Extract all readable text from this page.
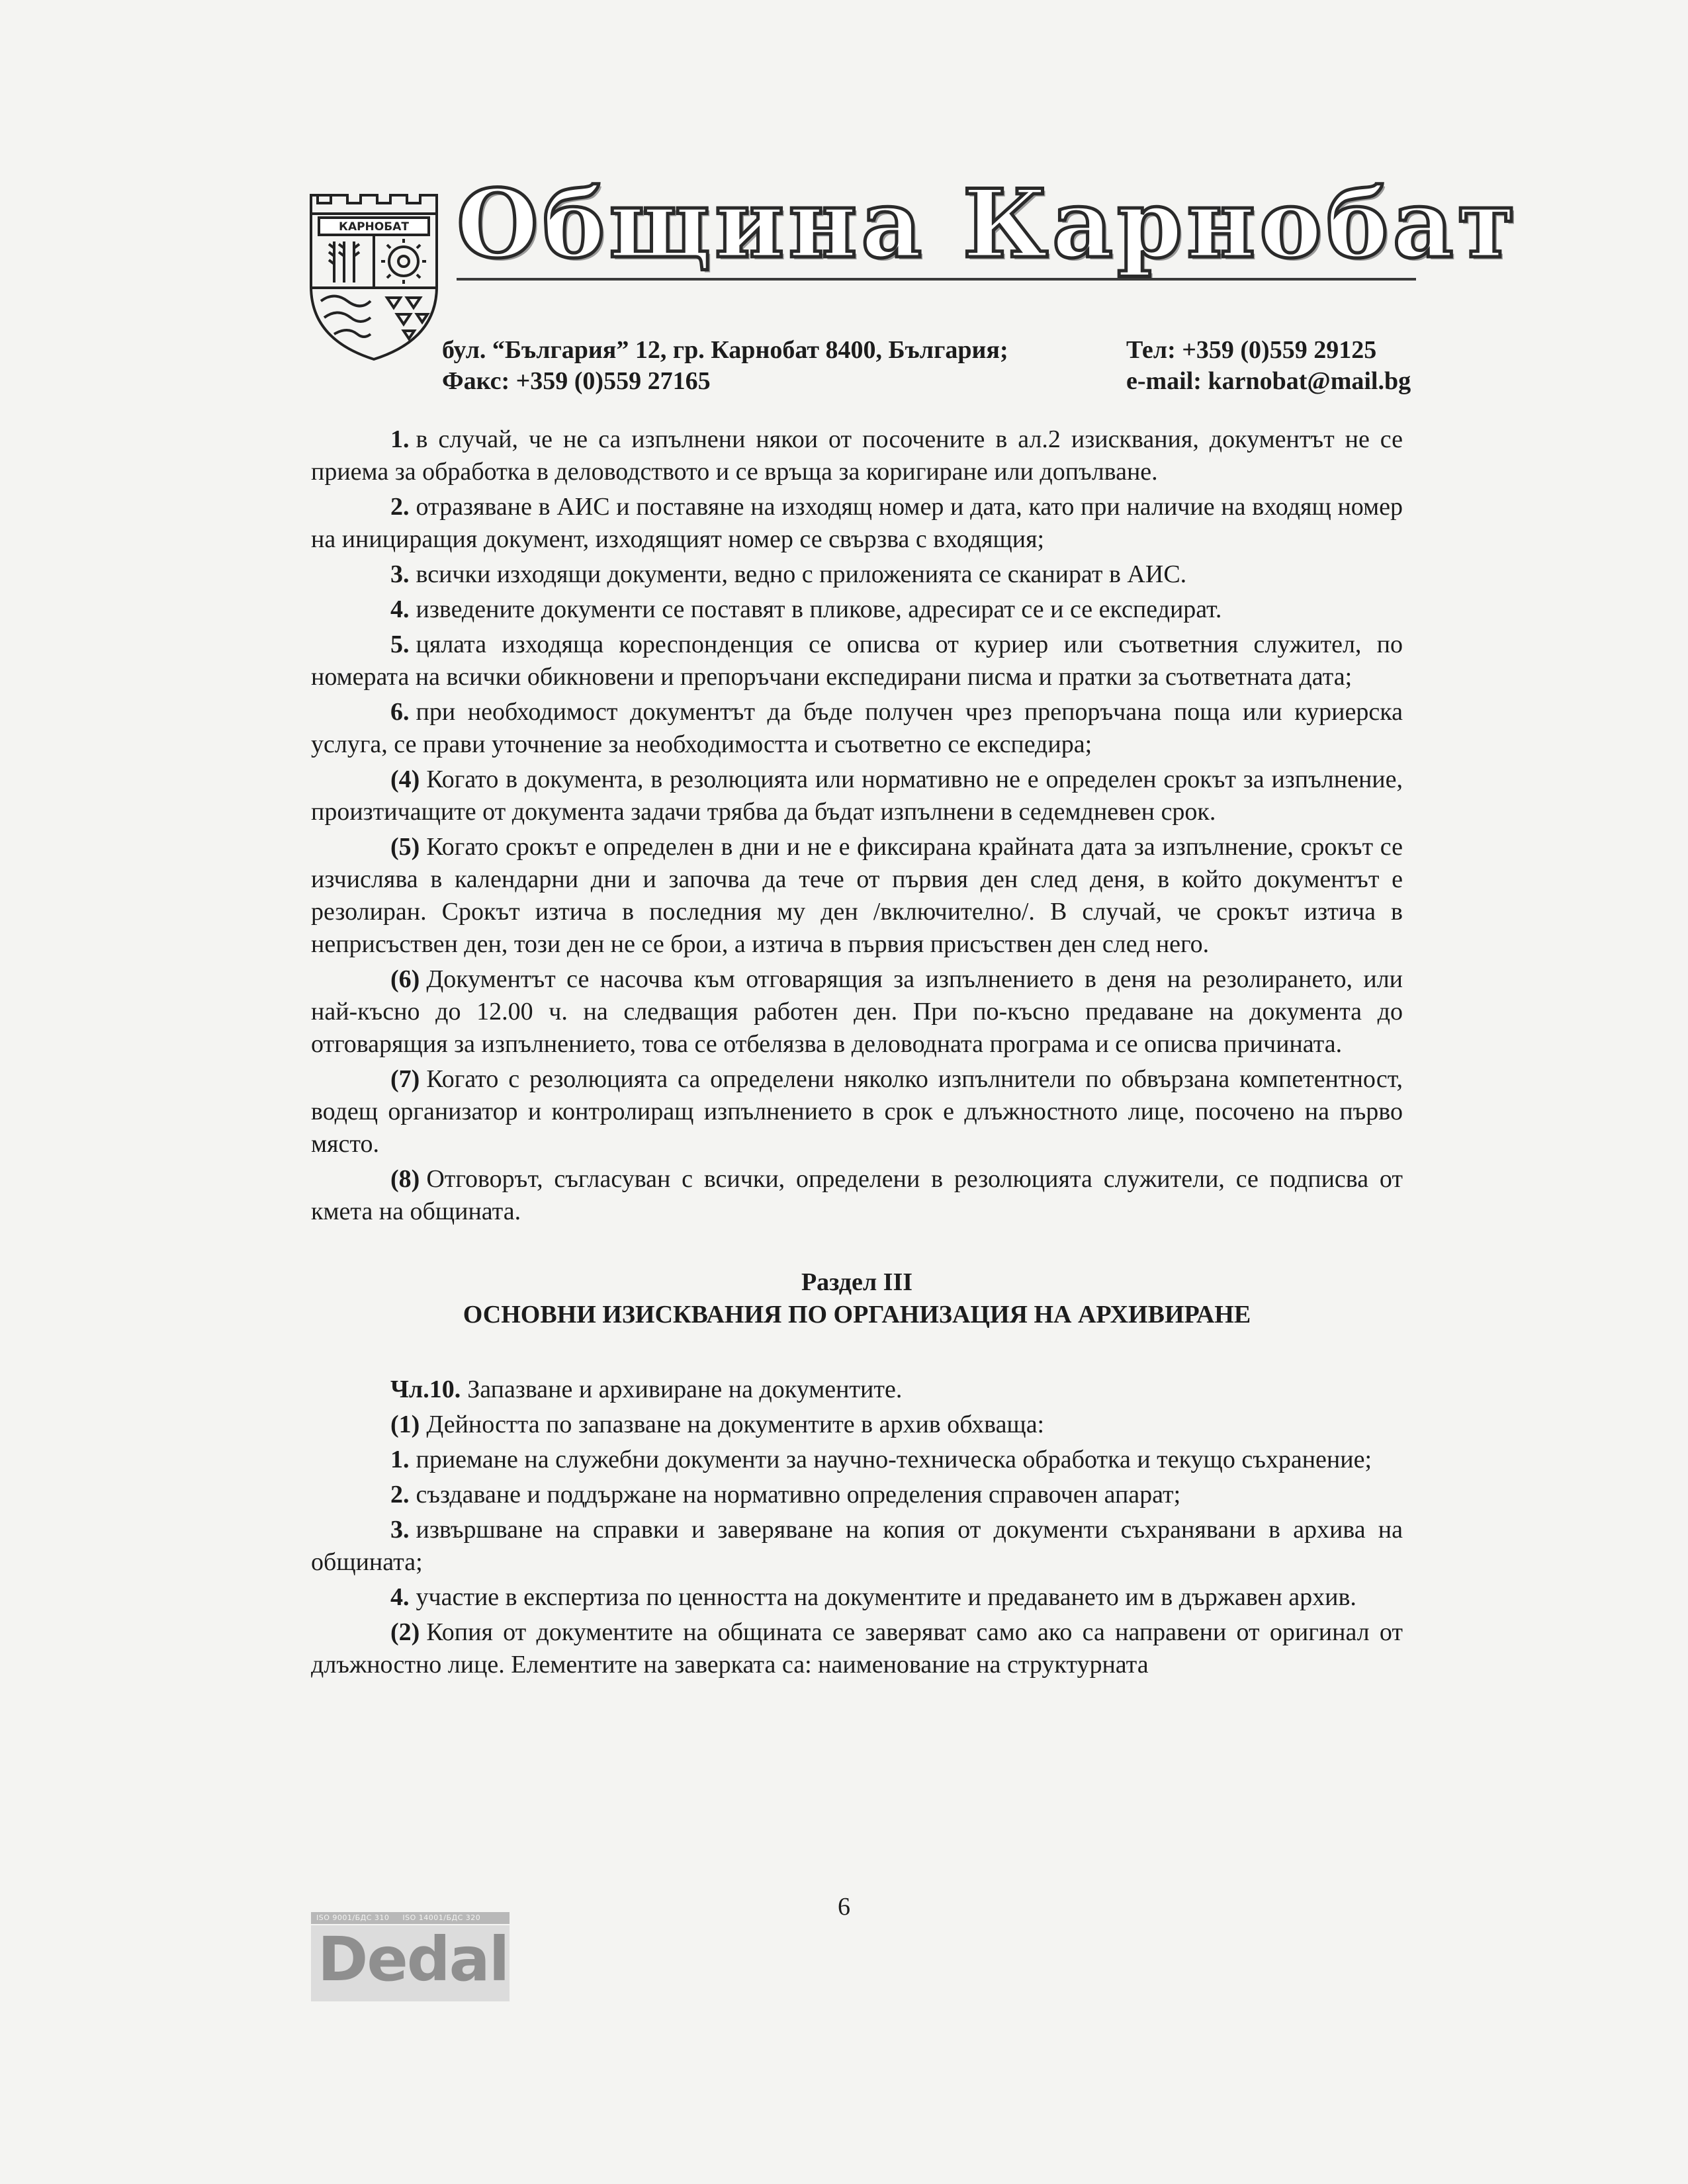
КАРНОБАТ Община Карнобат
бул. “България” 12, гр. Карнобат 8400, България;
Факс: +359 (0)559 27165
Тел: +359 (0)559 29125
e-mail: karnobat@mail.bg

1. в случай, че не са изпълнени някои от посочените в ал.2 изисквания, документът не се приема за обработка в деловодството и се връща за коригиране или допълване.

2. отразяване в АИС и поставяне на изходящ номер и дата, като при наличие на входящ номер на инициращия документ, изходящият номер се свързва с входящия;

3. всички изходящи документи, ведно с приложенията се сканират в АИС.

4. изведените документи се поставят в пликове, адресират се и се експедират.

5. цялата изходяща кореспонденция се описва от куриер или съответния служител, по номерата на всички обикновени и препоръчани експедирани писма и пратки за съответната дата;

6. при необходимост документът да бъде получен чрез препоръчана поща или куриерска услуга, се прави уточнение за необходимостта и съответно се експедира;

(4) Когато в документа, в резолюцията или нормативно не е определен срокът за изпълнение, произтичащите от документа задачи трябва да бъдат изпълнени в седемдневен срок.

(5) Когато срокът е определен в дни и не е фиксирана крайната дата за изпълнение, срокът се изчислява в календарни дни и започва да тече от първия ден след деня, в който документът е резолиран. Срокът изтича в последния му ден /включително/. В случай, че срокът изтича в неприсъствен ден, този ден не се брои, а изтича в първия присъствен ден след него.

(6) Документът се насочва към отговарящия за изпълнението в деня на резолирането, или най-късно до 12.00 ч. на следващия работен ден. При по-късно предаване на документа до отговарящия за изпълнението, това се отбелязва в деловодната програма и се описва причината.

(7) Когато с резолюцията са определени няколко изпълнители по обвързана компетентност, водещ организатор и контролиращ изпълнението в срок е длъжностното лице, посочено на първо място.

(8) Отговорът, съгласуван с всички, определени в резолюцията служители, се подписва от кмета на общината.

Раздел III

ОСНОВНИ ИЗИСКВАНИЯ ПО ОРГАНИЗАЦИЯ НА АРХИВИРАНЕ

Чл.10. Запазване и архивиране на документите.

(1) Дейността по запазване на документите в архив обхваща:

1. приемане на служебни документи за научно-техническа обработка и текущо съхранение;

2. създаване и поддържане на нормативно определения справочен апарат;

3. извършване на справки и заверяване на копия от документи съхранявани в архива на общината;

4. участие в експертиза по ценността на документите и предаването им в държавен архив.

(2) Копия от документите на общината се заверяват само ако са направени от оригинал от длъжностно лице. Елементите на заверката са: наименование на структурната

6
ISO 9001/БДС 310 ISO 14001/БДС 320
Dedal
